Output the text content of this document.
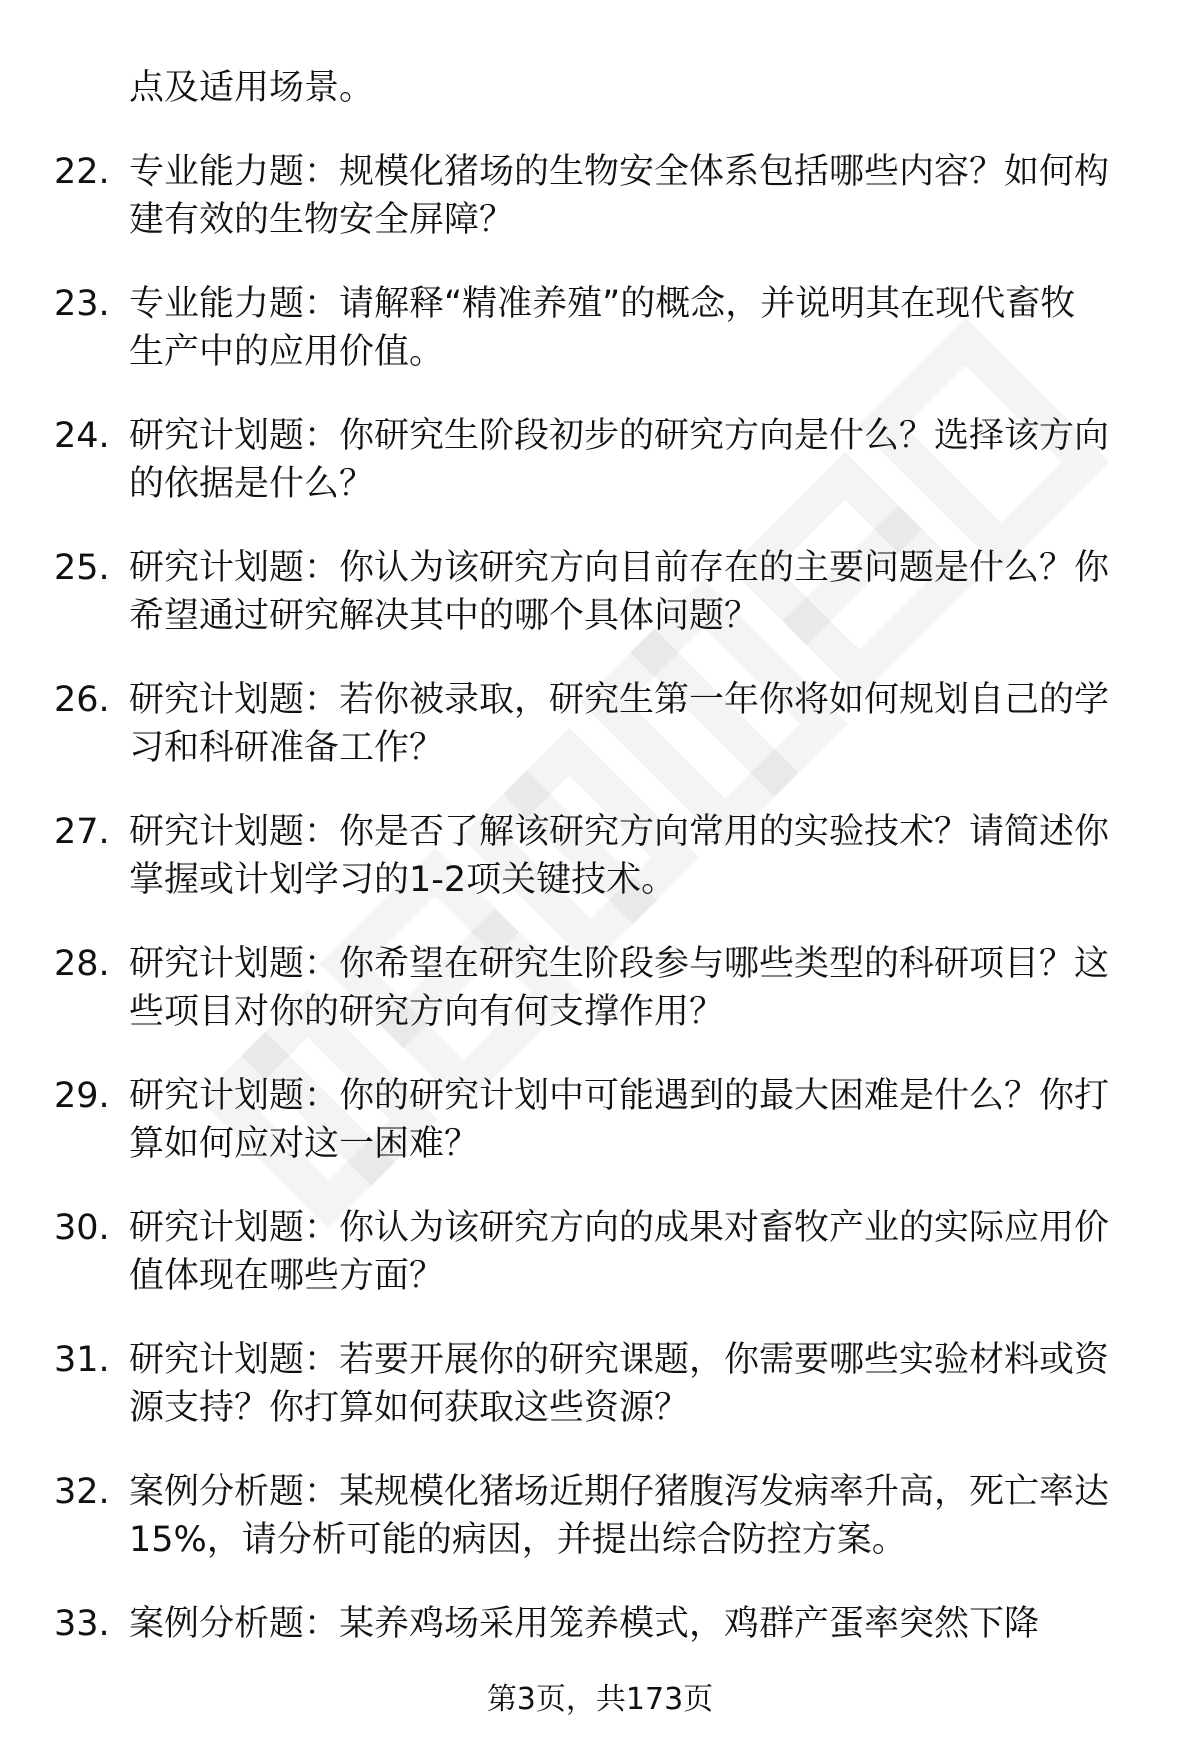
点及适用场景。
22. 专业能力题：规模化猪场的生物安全体系包括哪些内容？如何构
建有效的生物安全屏障？
23. 专业能力题：请解释“精准养殖”的概念，并说明其在现代畜牧
生产中的应用价值。
24. 研究计划题：你研究生阶段初步的研究方向是什么？选择该方向
的依据是什么？
25. 研究计划题：你认为该研究方向目前存在的主要问题是什么？你
希望通过研究解决其中的哪个具体问题？
26. 研究计划题：若你被录取，研究生第一年你将如何规划自己的学
习和科研准备工作？
27. 研究计划题：你是否了解该研究方向常用的实验技术？请简述你
掌握或计划学习的1-2项关键技术。
28. 研究计划题：你希望在研究生阶段参与哪些类型的科研项目？这
些项目对你的研究方向有何支撑作用？
29. 研究计划题：你的研究计划中可能遇到的最大困难是什么？你打
算如何应对这一困难？
30. 研究计划题：你认为该研究方向的成果对畜牧产业的实际应用价
值体现在哪些方面？
31. 研究计划题：若要开展你的研究课题，你需要哪些实验材料或资
源支持？你打算如何获取这些资源？
32. 案例分析题：某规模化猪场近期仔猪腹泻发病率升高，死亡率达
15%，请分析可能的病因，并提出综合防控方案。
33. 案例分析题：某养鸡场采用笼养模式，鸡群产蛋率突然下降
第3页，共173页
